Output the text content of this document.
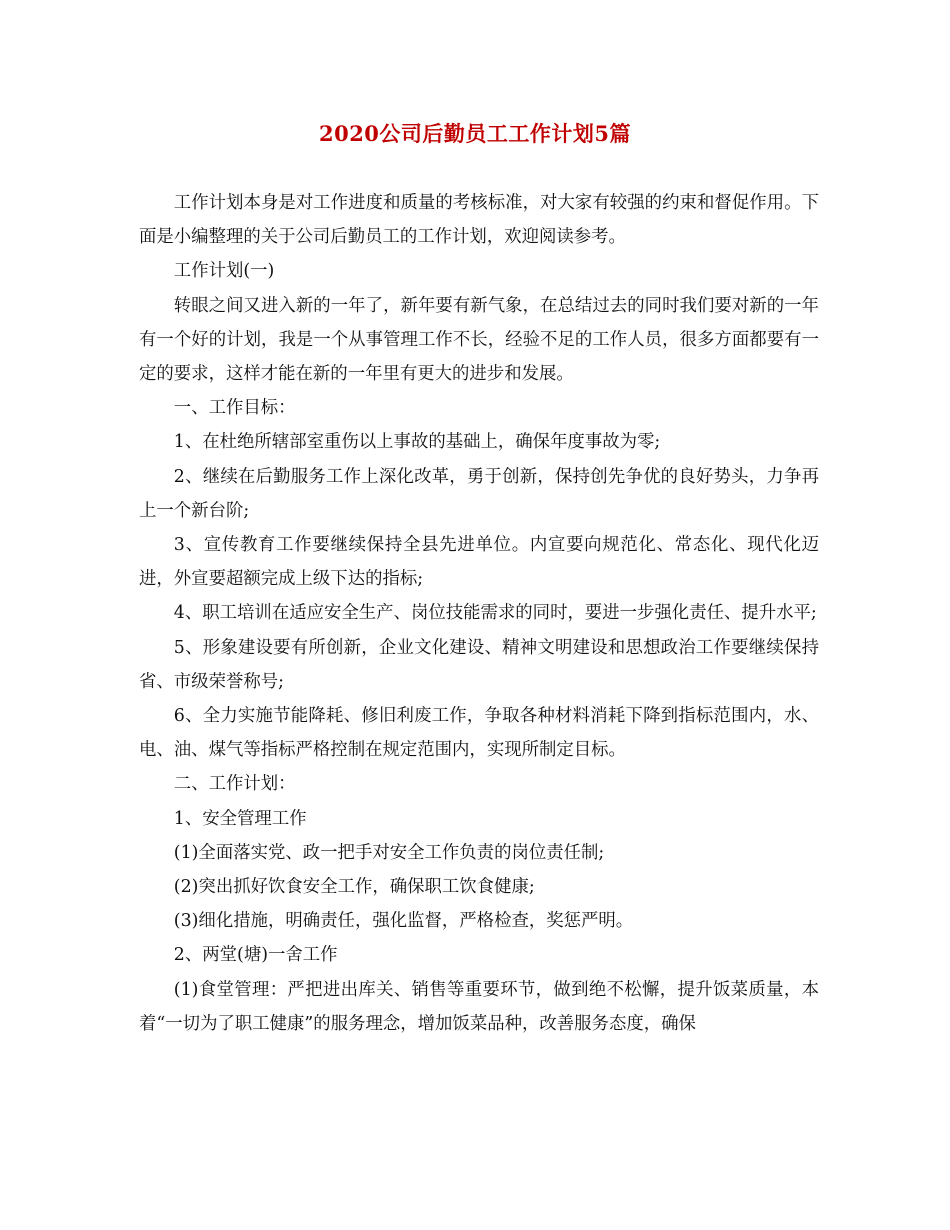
2020公司后勤员工工作计划5篇

工作计划本身是对工作进度和质量的考核标准，对大家有较强的约束和督促作用。下面是小编整理的关于公司后勤员工的工作计划，欢迎阅读参考。

工作计划(一)

转眼之间又进入新的一年了，新年要有新气象，在总结过去的同时我们要对新的一年有一个好的计划，我是一个从事管理工作不长，经验不足的工作人员，很多方面都要有一定的要求，这样才能在新的一年里有更大的进步和发展。

一、工作目标：

1、在杜绝所辖部室重伤以上事故的基础上，确保年度事故为零;

2、继续在后勤服务工作上深化改革，勇于创新，保持创先争优的良好势头，力争再上一个新台阶;

3、宣传教育工作要继续保持全县先进单位。内宣要向规范化、常态化、现代化迈进，外宣要超额完成上级下达的指标;

4、职工培训在适应安全生产、岗位技能需求的同时，要进一步强化责任、提升水平;

5、形象建设要有所创新，企业文化建设、精神文明建设和思想政治工作要继续保持省、市级荣誉称号;

6、全力实施节能降耗、修旧利废工作，争取各种材料消耗下降到指标范围内，水、电、油、煤气等指标严格控制在规定范围内，实现所制定目标。

二、工作计划：

1、安全管理工作

(1)全面落实党、政一把手对安全工作负责的岗位责任制;

(2)突出抓好饮食安全工作，确保职工饮食健康;

(3)细化措施，明确责任，强化监督，严格检查，奖惩严明。

2、两堂(塘)一舍工作

(1)食堂管理：严把进出库关、销售等重要环节，做到绝不松懈，提升饭菜质量，本着“一切为了职工健康”的服务理念，增加饭菜品种，改善服务态度，确保
